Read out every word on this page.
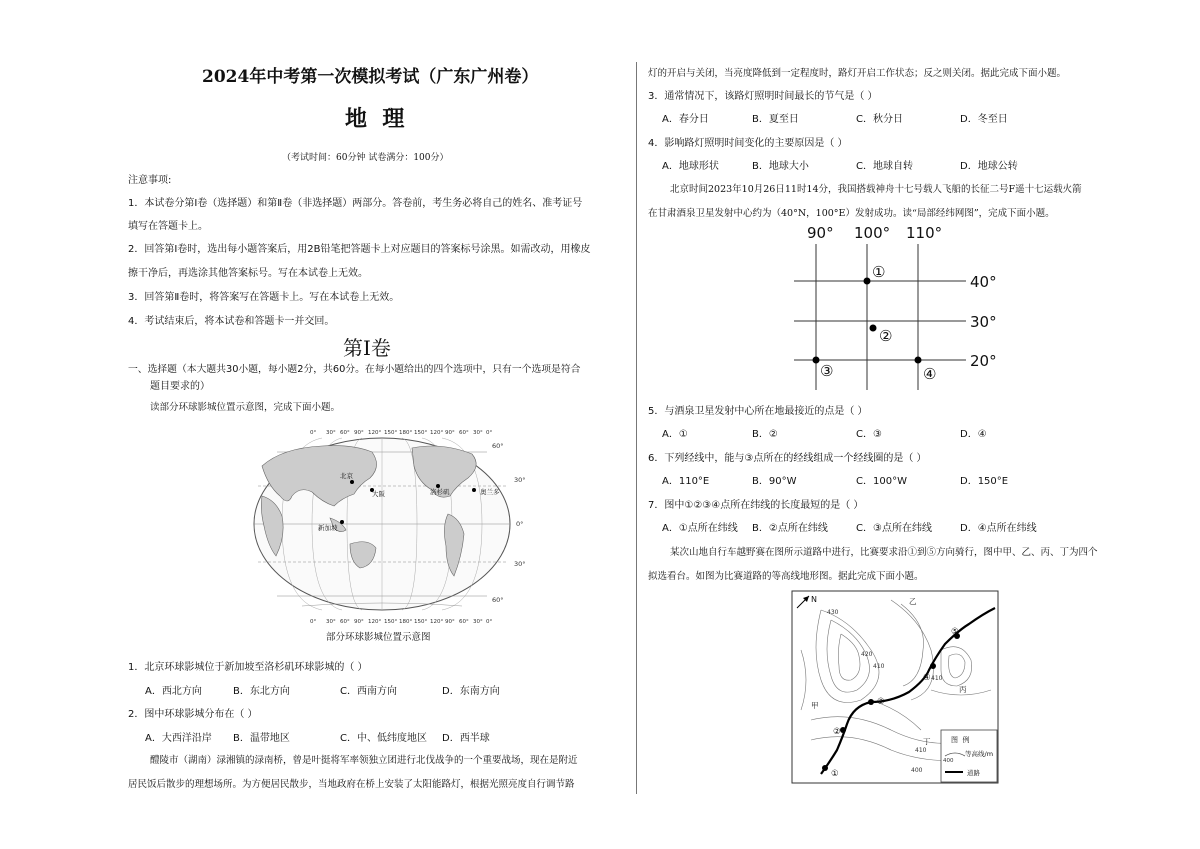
2024年中考第一次模拟考试（广东广州卷）
地  理
（考试时间：60分钟 试卷满分：100分）
注意事项:
1．本试卷分第Ⅰ卷（选择题）和第Ⅱ卷（非选择题）两部分。答卷前，考生务必将自己的姓名、准考证号
填写在答题卡上。
2．回答第Ⅰ卷时，选出每小题答案后，用2B铅笔把答题卡上对应题目的答案标号涂黑。如需改动，用橡皮
擦干净后，再选涂其他答案标号。写在本试卷上无效。
3．回答第Ⅱ卷时，将答案写在答题卡上。写在本试卷上无效。
4．考试结束后，将本试卷和答题卡一并交回。
第Ⅰ卷
一、选择题（本大题共30小题，每小题2分，共60分。在每小题给出的四个选项中，只有一个选项是符合
题目要求的）
读部分环球影城位置示意图，完成下面小题。
0° 30° 60° 90° 120° 150° 180° 150° 120° 90° 60° 30° 0°
0° 30° 60° 90° 120° 150° 180° 150° 120° 90° 60° 30° 0°
60°
30°
0°
30°
60°
北京
大阪	洛杉矶	奥兰多
新加坡
部分环球影城位置示意图
1．北京环球影城位于新加坡至洛杉矶环球影城的（ ）
A．西北方向	B．东北方向	C．西南方向	D．东南方向
2．图中环球影城分布在（ ）
A．大西洋沿岸 B．温带地区	C．中、低纬度地区 D．西半球
醴陵市（湖南）渌湘镇的渌南桥，曾是叶挺将军率领独立团进行北伐战争的一个重要战场，现在是附近
居民饭后散步的理想场所。为方便居民散步，当地政府在桥上安装了太阳能路灯，根据光照亮度自行调节路
灯的开启与关闭，当亮度降低到一定程度时，路灯开启工作状态；反之则关闭。据此完成下面小题。
3．通常情况下，该路灯照明时间最长的节气是（ ）
A．春分日	B．夏至日	C．秋分日	D．冬至日
4．影响路灯照明时间变化的主要原因是（ ）
A．地球形状	B．地球大小	C．地球自转	D．地球公转
北京时间2023年10月26日11时14分，我国搭载神舟十七号载人飞船的长征二号F遥十七运载火箭
在甘肃酒泉卫星发射中心约为（40°N，100°E）发射成功。读“局部经纬网图”，完成下面小题。
90° 100° 110°
40°
30°
20°
①
②
③	④
5．与酒泉卫星发射中心所在地最接近的点是（ ）
A．①	B．②	C．③	D．④
6．下列经线中，能与③点所在的经线组成一个经线圈的是（ ）
A．110°E	B．90°W	C．100°W	D．150°E
7．图中①②③④点所在纬线的长度最短的是（ ）
A．①点所在纬线 B．②点所在纬线	C．③点所在纬线	D．④点所在纬线
某次山地自行车越野赛在图所示道路中进行，比赛要求沿①到⑤方向骑行，图中甲、乙、丙、丁为四个
拟选看台。如图为比赛道路的等高线地形图。据此完成下面小题。
N
①
②
③
④
⑤
乙
丙
甲
丁
430
420
410
410
410
400
图  例
400
等高线/m
道路
